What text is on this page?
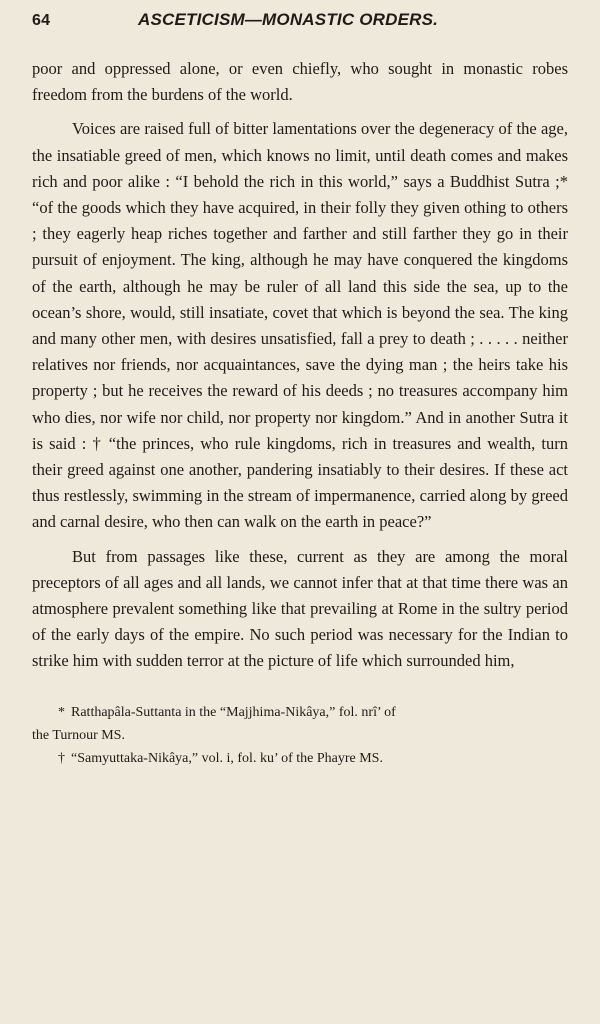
64	ASCETICISM—MONASTIC ORDERS.

poor and oppressed alone, or even chiefly, who sought in monastic robes freedom from the burdens of the world.

Voices are raised full of bitter lamentations over the degeneracy of the age, the insatiable greed of men, which knows no limit, until death comes and makes rich and poor alike : “I behold the rich in this world,” says a Buddhist Sutra ;* “of the goods which they have acquired, in their folly they given othing to others ; they eagerly heap riches together and farther and still farther they go in their pursuit of enjoyment. The king, although he may have conquered the kingdoms of the earth, although he may be ruler of all land this side the sea, up to the ocean’s shore, would, still insatiate, covet that which is beyond the sea. The king and many other men, with desires unsatisfied, fall a prey to death ; . . . . . neither relatives nor friends, nor acquaintances, save the dying man ; the heirs take his property ; but he receives the reward of his deeds ; no treasures accompany him who dies, nor wife nor child, nor property nor kingdom.” And in another Sutra it is said : † “the princes, who rule kingdoms, rich in treasures and wealth, turn their greed against one another, pandering insatiably to their desires. If these act thus restlessly, swimming in the stream of impermanence, carried along by greed and carnal desire, who then can walk on the earth in peace?”

But from passages like these, current as they are among the moral preceptors of all ages and all lands, we cannot infer that at that time there was an atmosphere prevalent something like that prevailing at Rome in the sultry period of the early days of the empire. No such period was necessary for the Indian to strike him with sudden terror at the picture of life which surrounded him,

* Ratthapâla-Suttanta in the “Majjhima-Nikâya,” fol. nrî’ of
the Turnour MS.
† “Samyuttaka-Nikâya,” vol. i, fol. ku’ of the Phayre MS.
